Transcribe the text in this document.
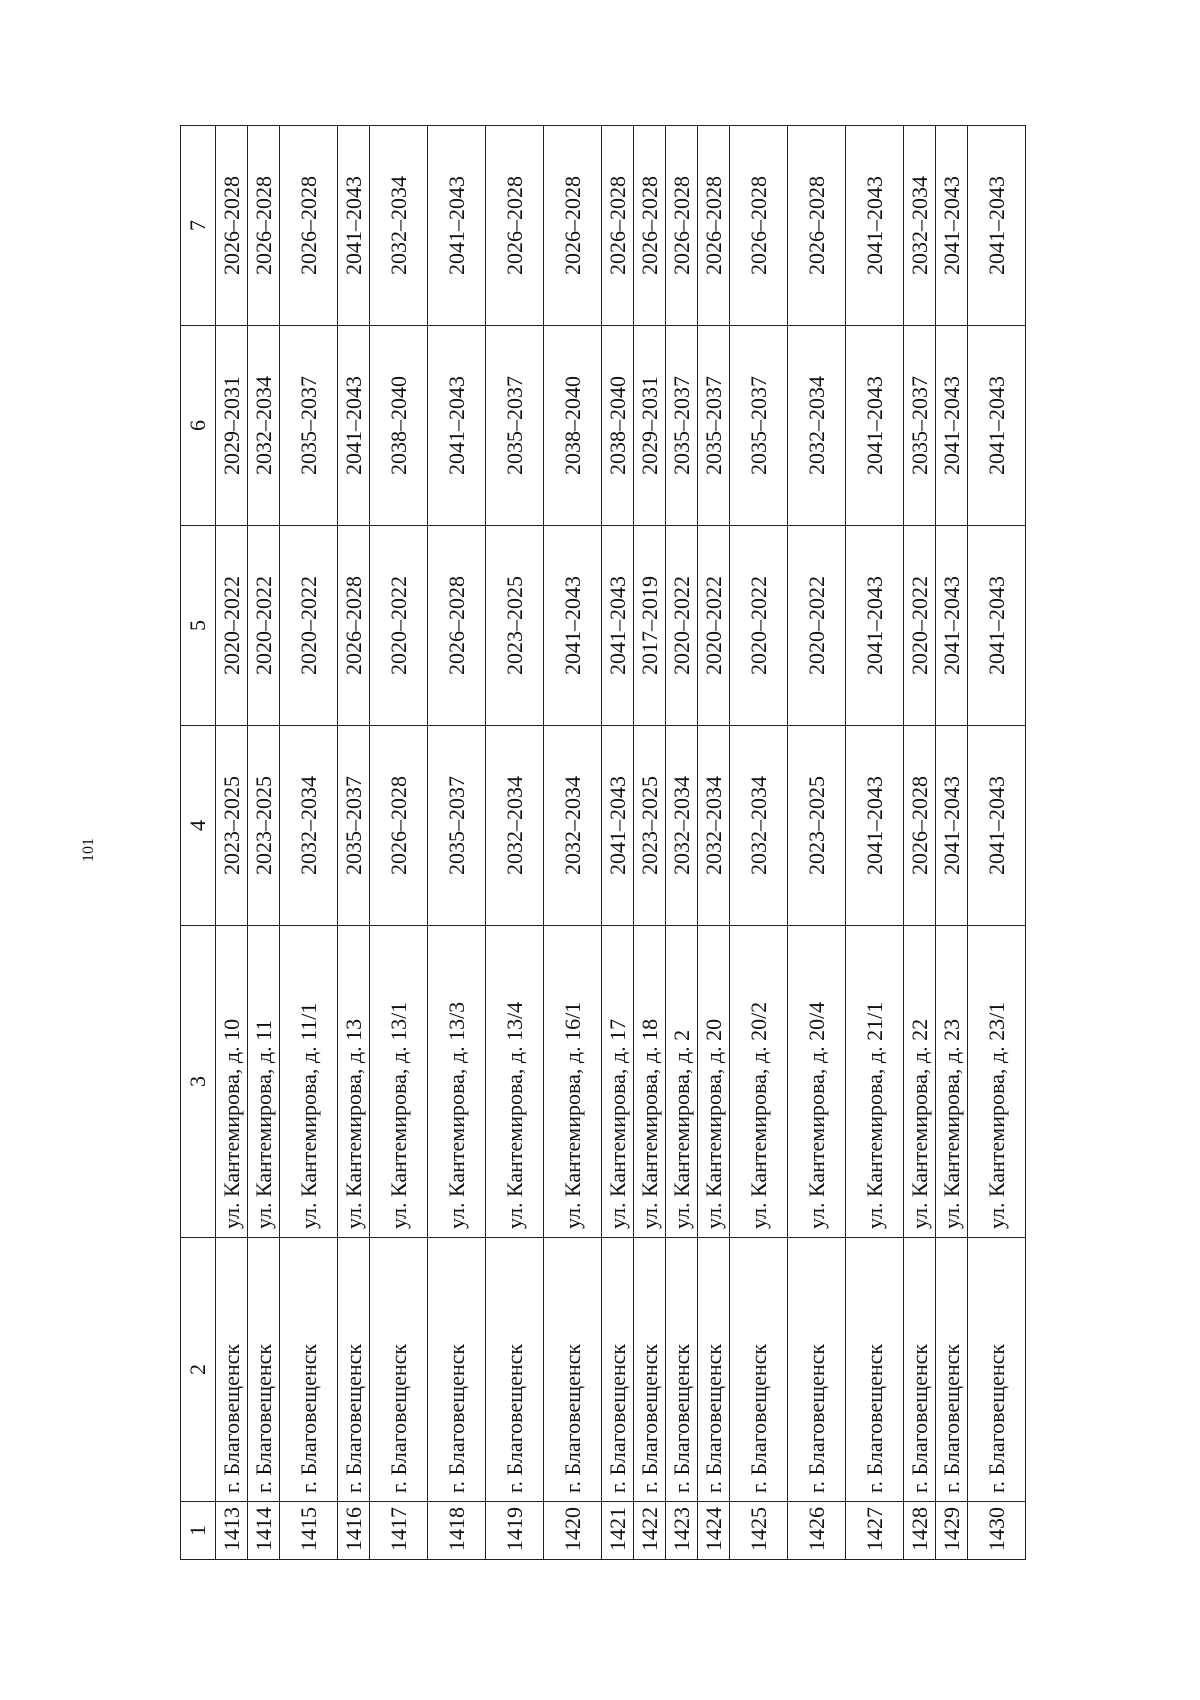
101
1	2	3	4	5	6	7
1413	г. Благовещенск	ул. Кантемирова, д. 10	2023–2025	2020–2022	2029–2031	2026–2028
1414	г. Благовещенск	ул. Кантемирова, д. 11	2023–2025	2020–2022	2032–2034	2026–2028
1415	г. Благовещенск	ул. Кантемирова, д. 11/1	2032–2034	2020–2022	2035–2037	2026–2028
1416	г. Благовещенск	ул. Кантемирова, д. 13	2035–2037	2026–2028	2041–2043	2041–2043
1417	г. Благовещенск	ул. Кантемирова, д. 13/1	2026–2028	2020–2022	2038–2040	2032–2034
1418	г. Благовещенск	ул. Кантемирова, д. 13/3	2035–2037	2026–2028	2041–2043	2041–2043
1419	г. Благовещенск	ул. Кантемирова, д. 13/4	2032–2034	2023–2025	2035–2037	2026–2028
1420	г. Благовещенск	ул. Кантемирова, д. 16/1	2032–2034	2041–2043	2038–2040	2026–2028
1421	г. Благовещенск	ул. Кантемирова, д. 17	2041–2043	2041–2043	2038–2040	2026–2028
1422	г. Благовещенск	ул. Кантемирова, д. 18	2023–2025	2017–2019	2029–2031	2026–2028
1423	г. Благовещенск	ул. Кантемирова, д. 2	2032–2034	2020–2022	2035–2037	2026–2028
1424	г. Благовещенск	ул. Кантемирова, д. 20	2032–2034	2020–2022	2035–2037	2026–2028
1425	г. Благовещенск	ул. Кантемирова, д. 20/2	2032–2034	2020–2022	2035–2037	2026–2028
1426	г. Благовещенск	ул. Кантемирова, д. 20/4	2023–2025	2020–2022	2032–2034	2026–2028
1427	г. Благовещенск	ул. Кантемирова, д. 21/1	2041–2043	2041–2043	2041–2043	2041–2043
1428	г. Благовещенск	ул. Кантемирова, д. 22	2026–2028	2020–2022	2035–2037	2032–2034
1429	г. Благовещенск	ул. Кантемирова, д. 23	2041–2043	2041–2043	2041–2043	2041–2043
1430	г. Благовещенск	ул. Кантемирова, д. 23/1	2041–2043	2041–2043	2041–2043	2041–2043
